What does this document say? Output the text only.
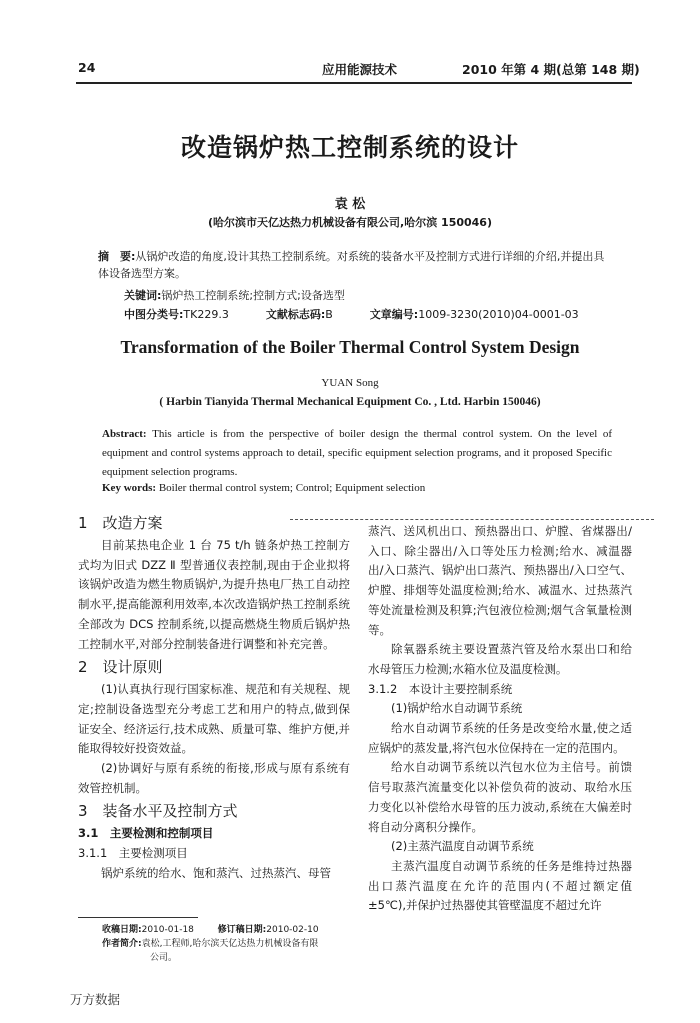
24	应用能源技术	2010 年第 4 期(总第 148 期)
改造锅炉热工控制系统的设计
袁 松
(哈尔滨市天亿达热力机械设备有限公司,哈尔滨 150046)
摘　要:从锅炉改造的角度,设计其热工控制系统。对系统的装备水平及控制方式进行详细的介绍,并提出具体设备选型方案。
关键词:锅炉热工控制系统;控制方式;设备选型
中图分类号:TK229.3	文献标志码:B	文章编号:1009-3230(2010)04-0001-03
Transformation of the Boiler Thermal Control System Design
YUAN Song
( Harbin Tianyida Thermal Mechanical Equipment Co. , Ltd. Harbin 150046)
Abstract: This article is from the perspective of boiler design the thermal control system. On the level of equipment and control systems approach to detail, specific equipment selection programs, and it proposed Specific equipment selection programs.
Key words: Boiler thermal control system; Control; Equipment selection

1　改造方案

目前某热电企业 1 台 75 t/h 链条炉热工控制方式均为旧式 DZZ Ⅱ 型普通仪表控制,现由于企业拟将该锅炉改造为燃生物质锅炉,为提升热电厂热工自动控制水平,提高能源利用效率,本次改造锅炉热工控制系统全部改为 DCS 控制系统,以提高燃烧生物质后锅炉热工控制水平,对部分控制装备进行调整和补充完善。

2　设计原则

(1)认真执行现行国家标准、规范和有关规程、规定;控制设备选型充分考虑工艺和用户的特点,做到保证安全、经济运行,技术成熟、质量可靠、维护方便,并能取得较好投资效益。

(2)协调好与原有系统的衔接,形成与原有系统有效管控机制。

3　装备水平及控制方式

3.1　主要检测和控制项目

3.1.1　主要检测项目

锅炉系统的给水、饱和蒸汽、过热蒸汽、母管

蒸汽、送风机出口、预热器出口、炉膛、省煤器出/入口、除尘器出/入口等处压力检测;给水、减温器出/入口蒸汽、锅炉出口蒸汽、预热器出/入口空气、炉膛、排烟等处温度检测;给水、减温水、过热蒸汽等处流量检测及积算;汽包液位检测;烟气含氧量检测等。

除氧器系统主要设置蒸汽管及给水泵出口和给水母管压力检测;水箱水位及温度检测。

3.1.2　本设计主要控制系统

(1)锅炉给水自动调节系统

给水自动调节系统的任务是改变给水量,使之适应锅炉的蒸发量,将汽包水位保持在一定的范围内。

给水自动调节系统以汽包水位为主信号。前馈信号取蒸汽流量变化以补偿负荷的波动、取给水压力变化以补偿给水母管的压力波动,系统在大偏差时将自动分离积分操作。

(2)主蒸汽温度自动调节系统

主蒸汽温度自动调节系统的任务是维持过热器出口蒸汽温度在允许的范围内(不超过额定值 ±5℃),并保护过热器使其管壁温度不超过允许

收稿日期:2010-01-18	修订稿日期:2010-02-10
作者简介:袁松,工程师,哈尔滨天亿达热力机械设备有限
公司。
万方数据
